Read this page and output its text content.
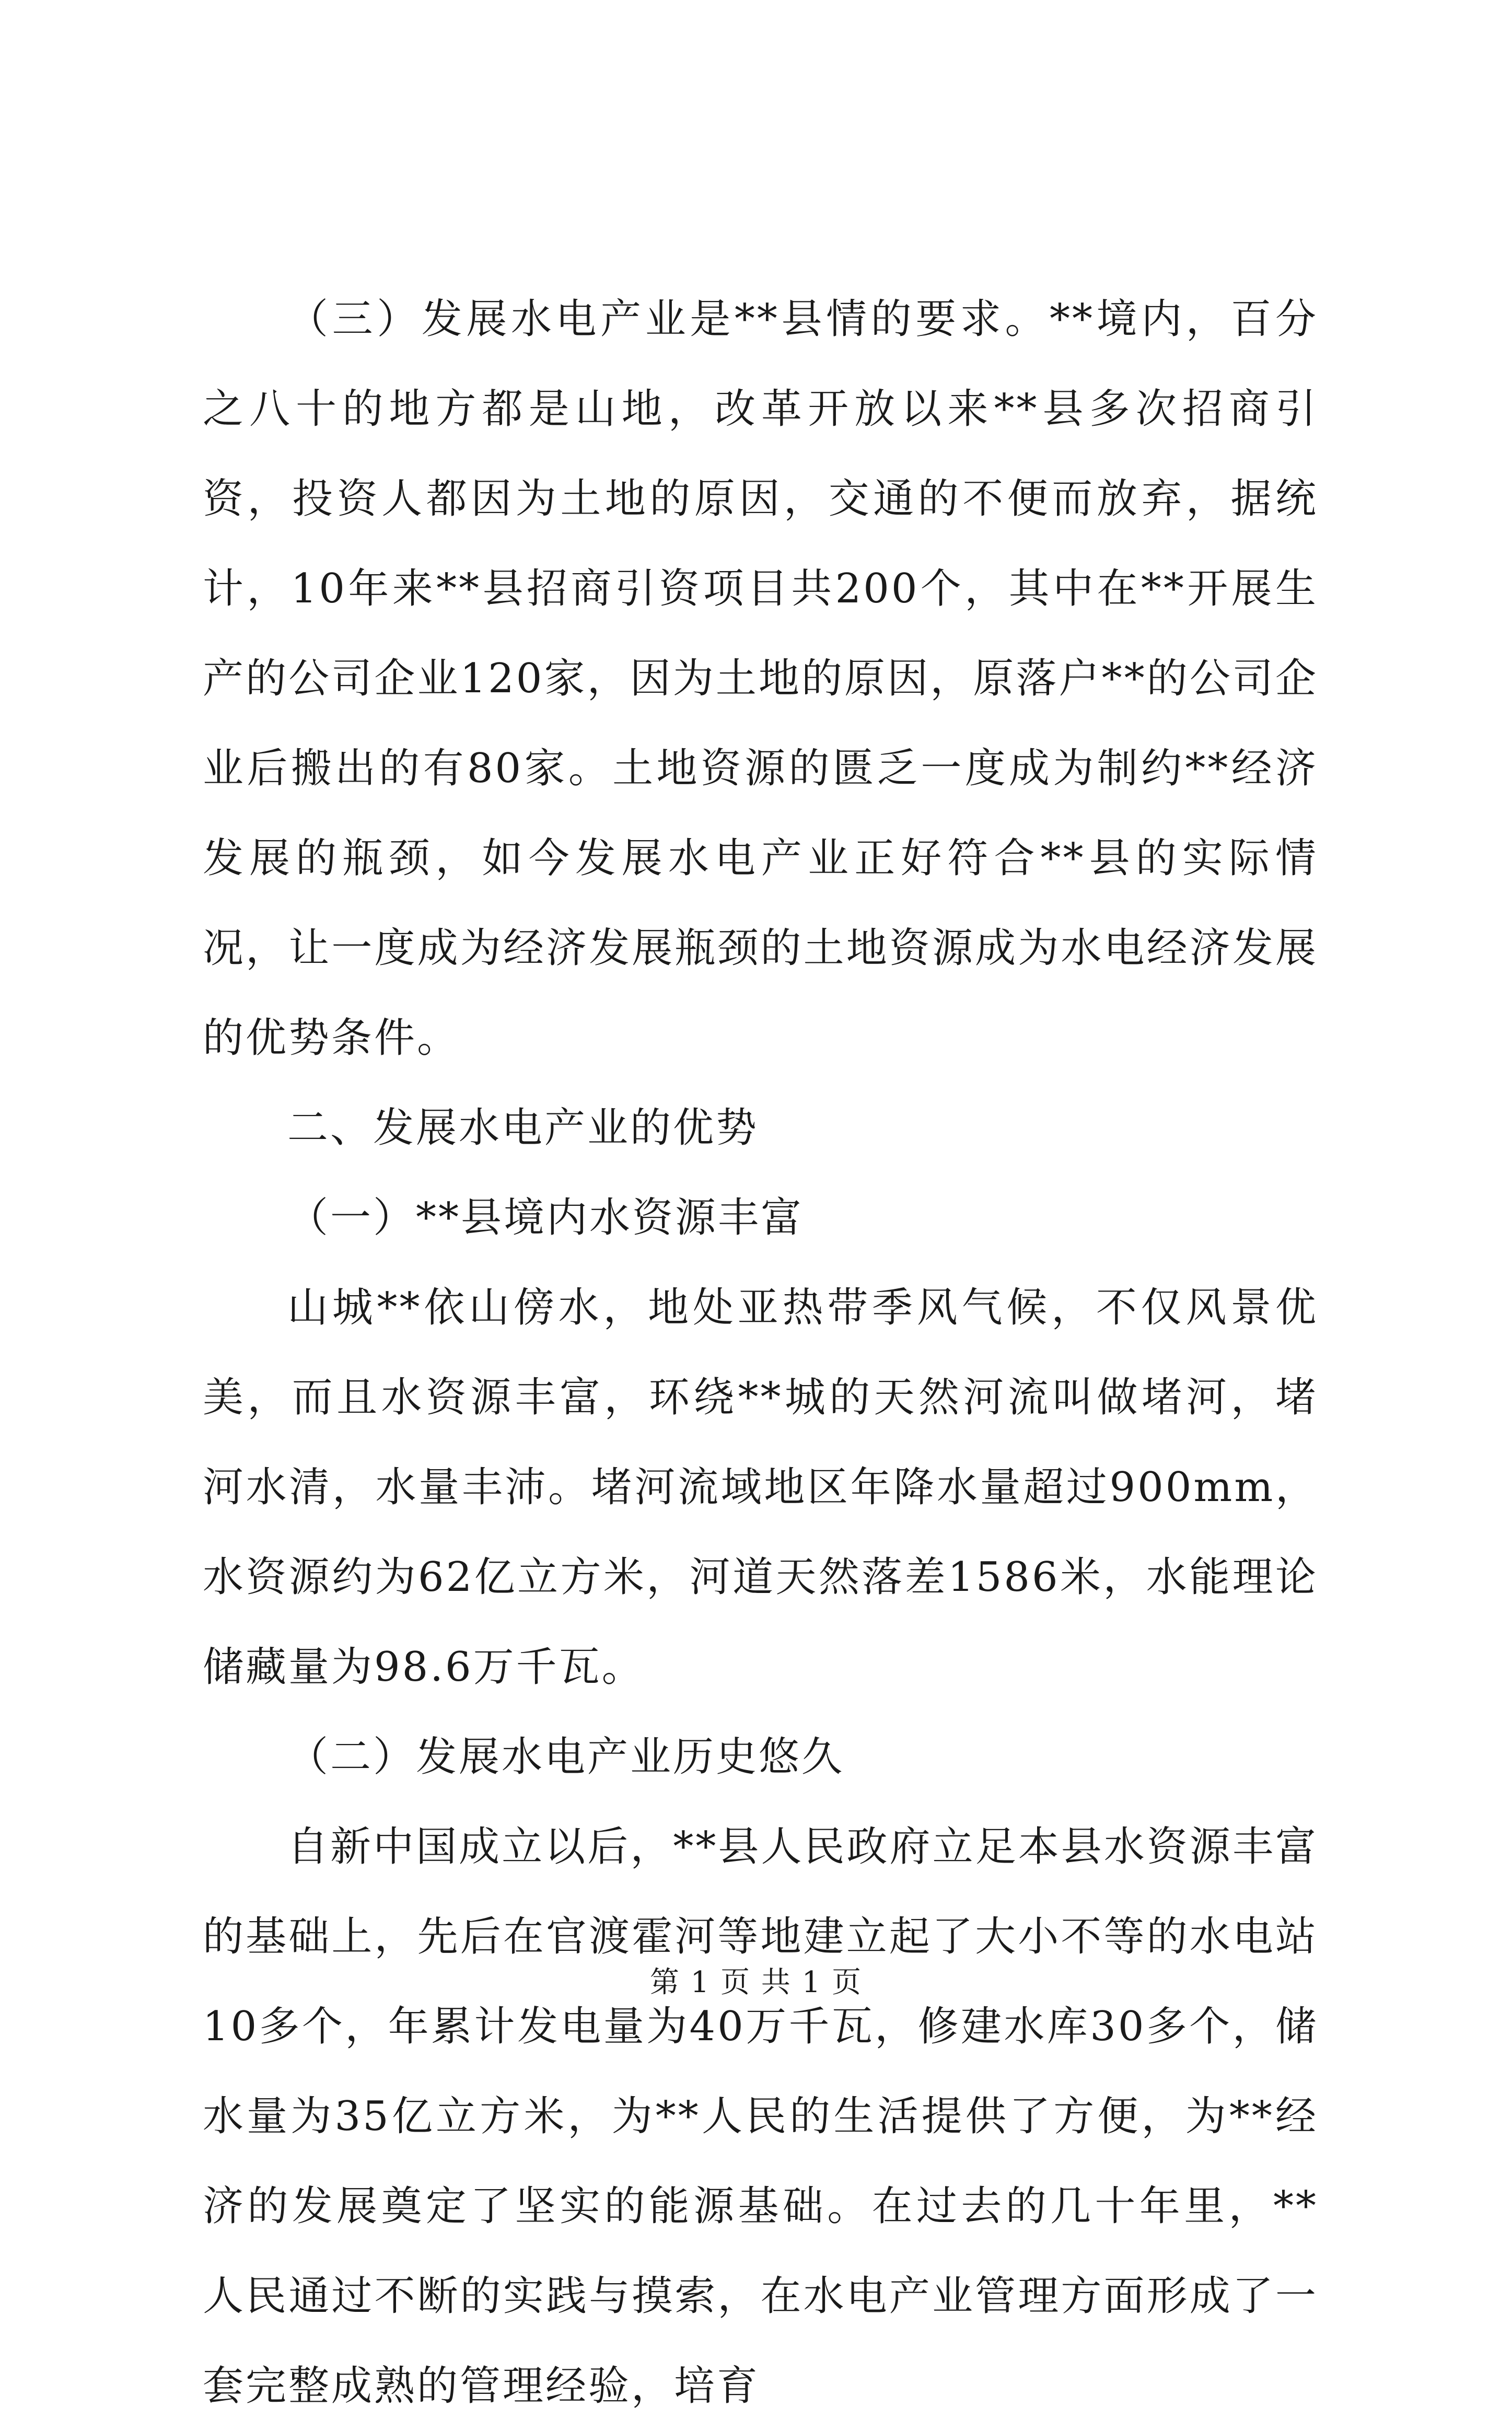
（三）发展水电产业是**县情的要求。**境内，百分之八十的地方都是山地，改革开放以来**县多次招商引资，投资人都因为土地的原因，交通的不便而放弃，据统计，10年来**县招商引资项目共200个，其中在**开展生产的公司企业120家，因为土地的原因，原落户**的公司企业后搬出的有80家。土地资源的匮乏一度成为制约**经济发展的瓶颈，如今发展水电产业正好符合**县的实际情况，让一度成为经济发展瓶颈的土地资源成为水电经济发展的优势条件。

二、发展水电产业的优势

（一）**县境内水资源丰富

山城**依山傍水，地处亚热带季风气候，不仅风景优美，而且水资源丰富，环绕**城的天然河流叫做堵河，堵河水清，水量丰沛。堵河流域地区年降水量超过900mm，水资源约为62亿立方米，河道天然落差1586米，水能理论储藏量为98.6万千瓦。

（二）发展水电产业历史悠久

自新中国成立以后，**县人民政府立足本县水资源丰富的基础上，先后在官渡霍河等地建立起了大小不等的水电站10多个，年累计发电量为40万千瓦，修建水库30多个，储水量为35亿立方米，为**人民的生活提供了方便，为**经济的发展奠定了坚实的能源基础。在过去的几十年里，**人民通过不断的实践与摸索，在水电产业管理方面形成了一套完整成熟的管理经验，培育

第 1 页 共 1 页
